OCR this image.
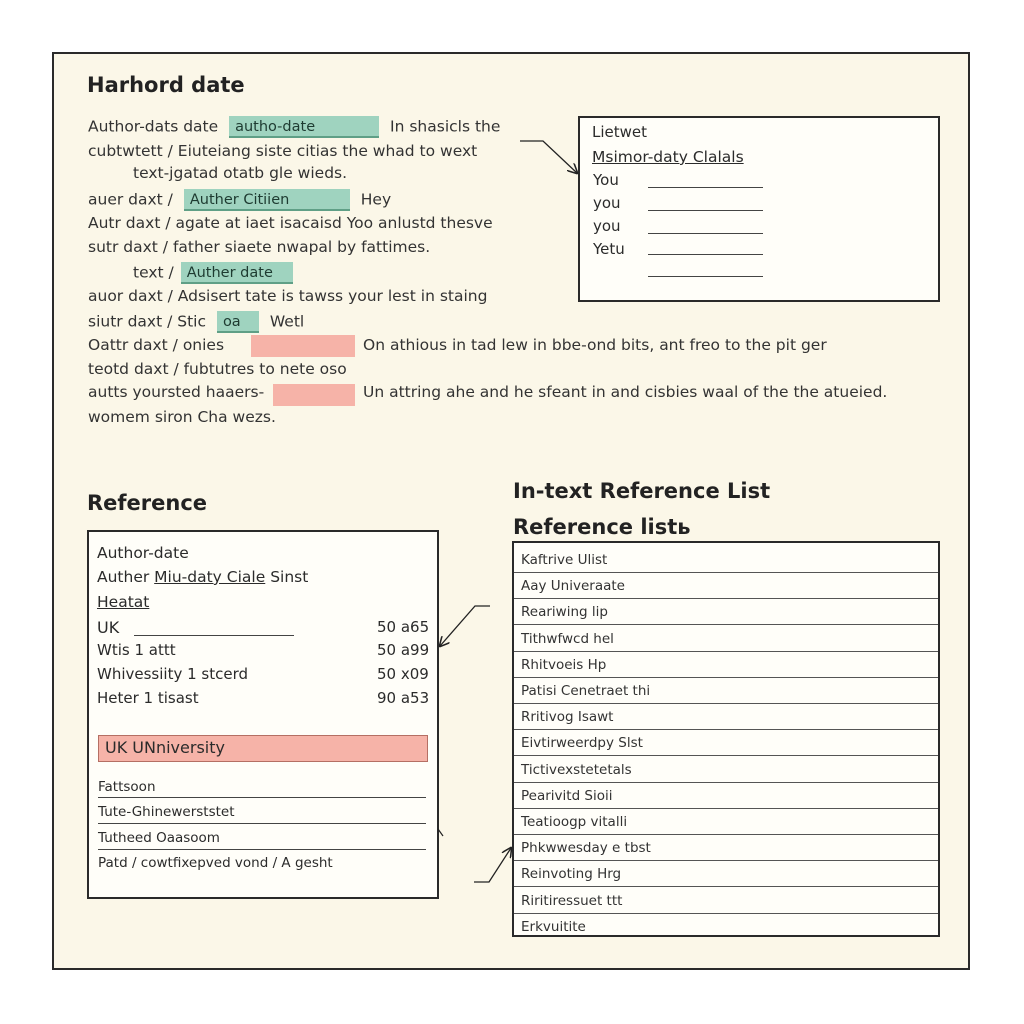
Harhord date
Author-dats date autho-date	In shasicls the
cubtwtett / Eiuteiang siste citias the whad to wext
text-jgatad otatb gle wieds.
auer daxt / Auther Citiien	Hey
Autr daxt / agate at iaet isacaisd Yoo anlustd thesve
sutr daxt / father siaete nwapal by fattimes.
text / Auther date
auor daxt / Adsisert tate is tawss your lest in staing
siutr daxt / Stic oa Wetl
Oattr daxt / onies	On athious in tad lew in bbe-ond bits, ant freo to the pit ger
teotd daxt / fubtutres to nete oso
autts yoursted haaers-	Un attring ahe and he sfeant in and cisbies waal of the the atueied.
womem siron Cha wezs.
Lietwet
Msimor-daty Clalals
You
you
you
Yetu
Reference
Author-date
Auther Miu-daty Ciale Sinst
Heatat
UK	50 a65
Wtis 1 attt	50 a99
Whivessiity 1 stcerd	50 x09
Heter 1 tisast	90 a53
UK UNniversity
Fattsoon
Tute-Ghinewerststet
Tutheed Oaasoom
Patd / cowtfixepved vond / A gesht
In-text Reference List
Reference listь
Kaftrive Ulist
Aay Univeraate
Reariwing lip
Tithwfwcd hel
Rhitvoeis Hp
Patisi Cenetraet thi
Rritivog Isawt
Eivtirweerdpy Slst
Tictivexstetetals
Pearivitd Sioii
Teatioogp vitalli
Phkwwesday e tbst
Reinvoting Hrg
Riritiressuet ttt
Erkvuitite
